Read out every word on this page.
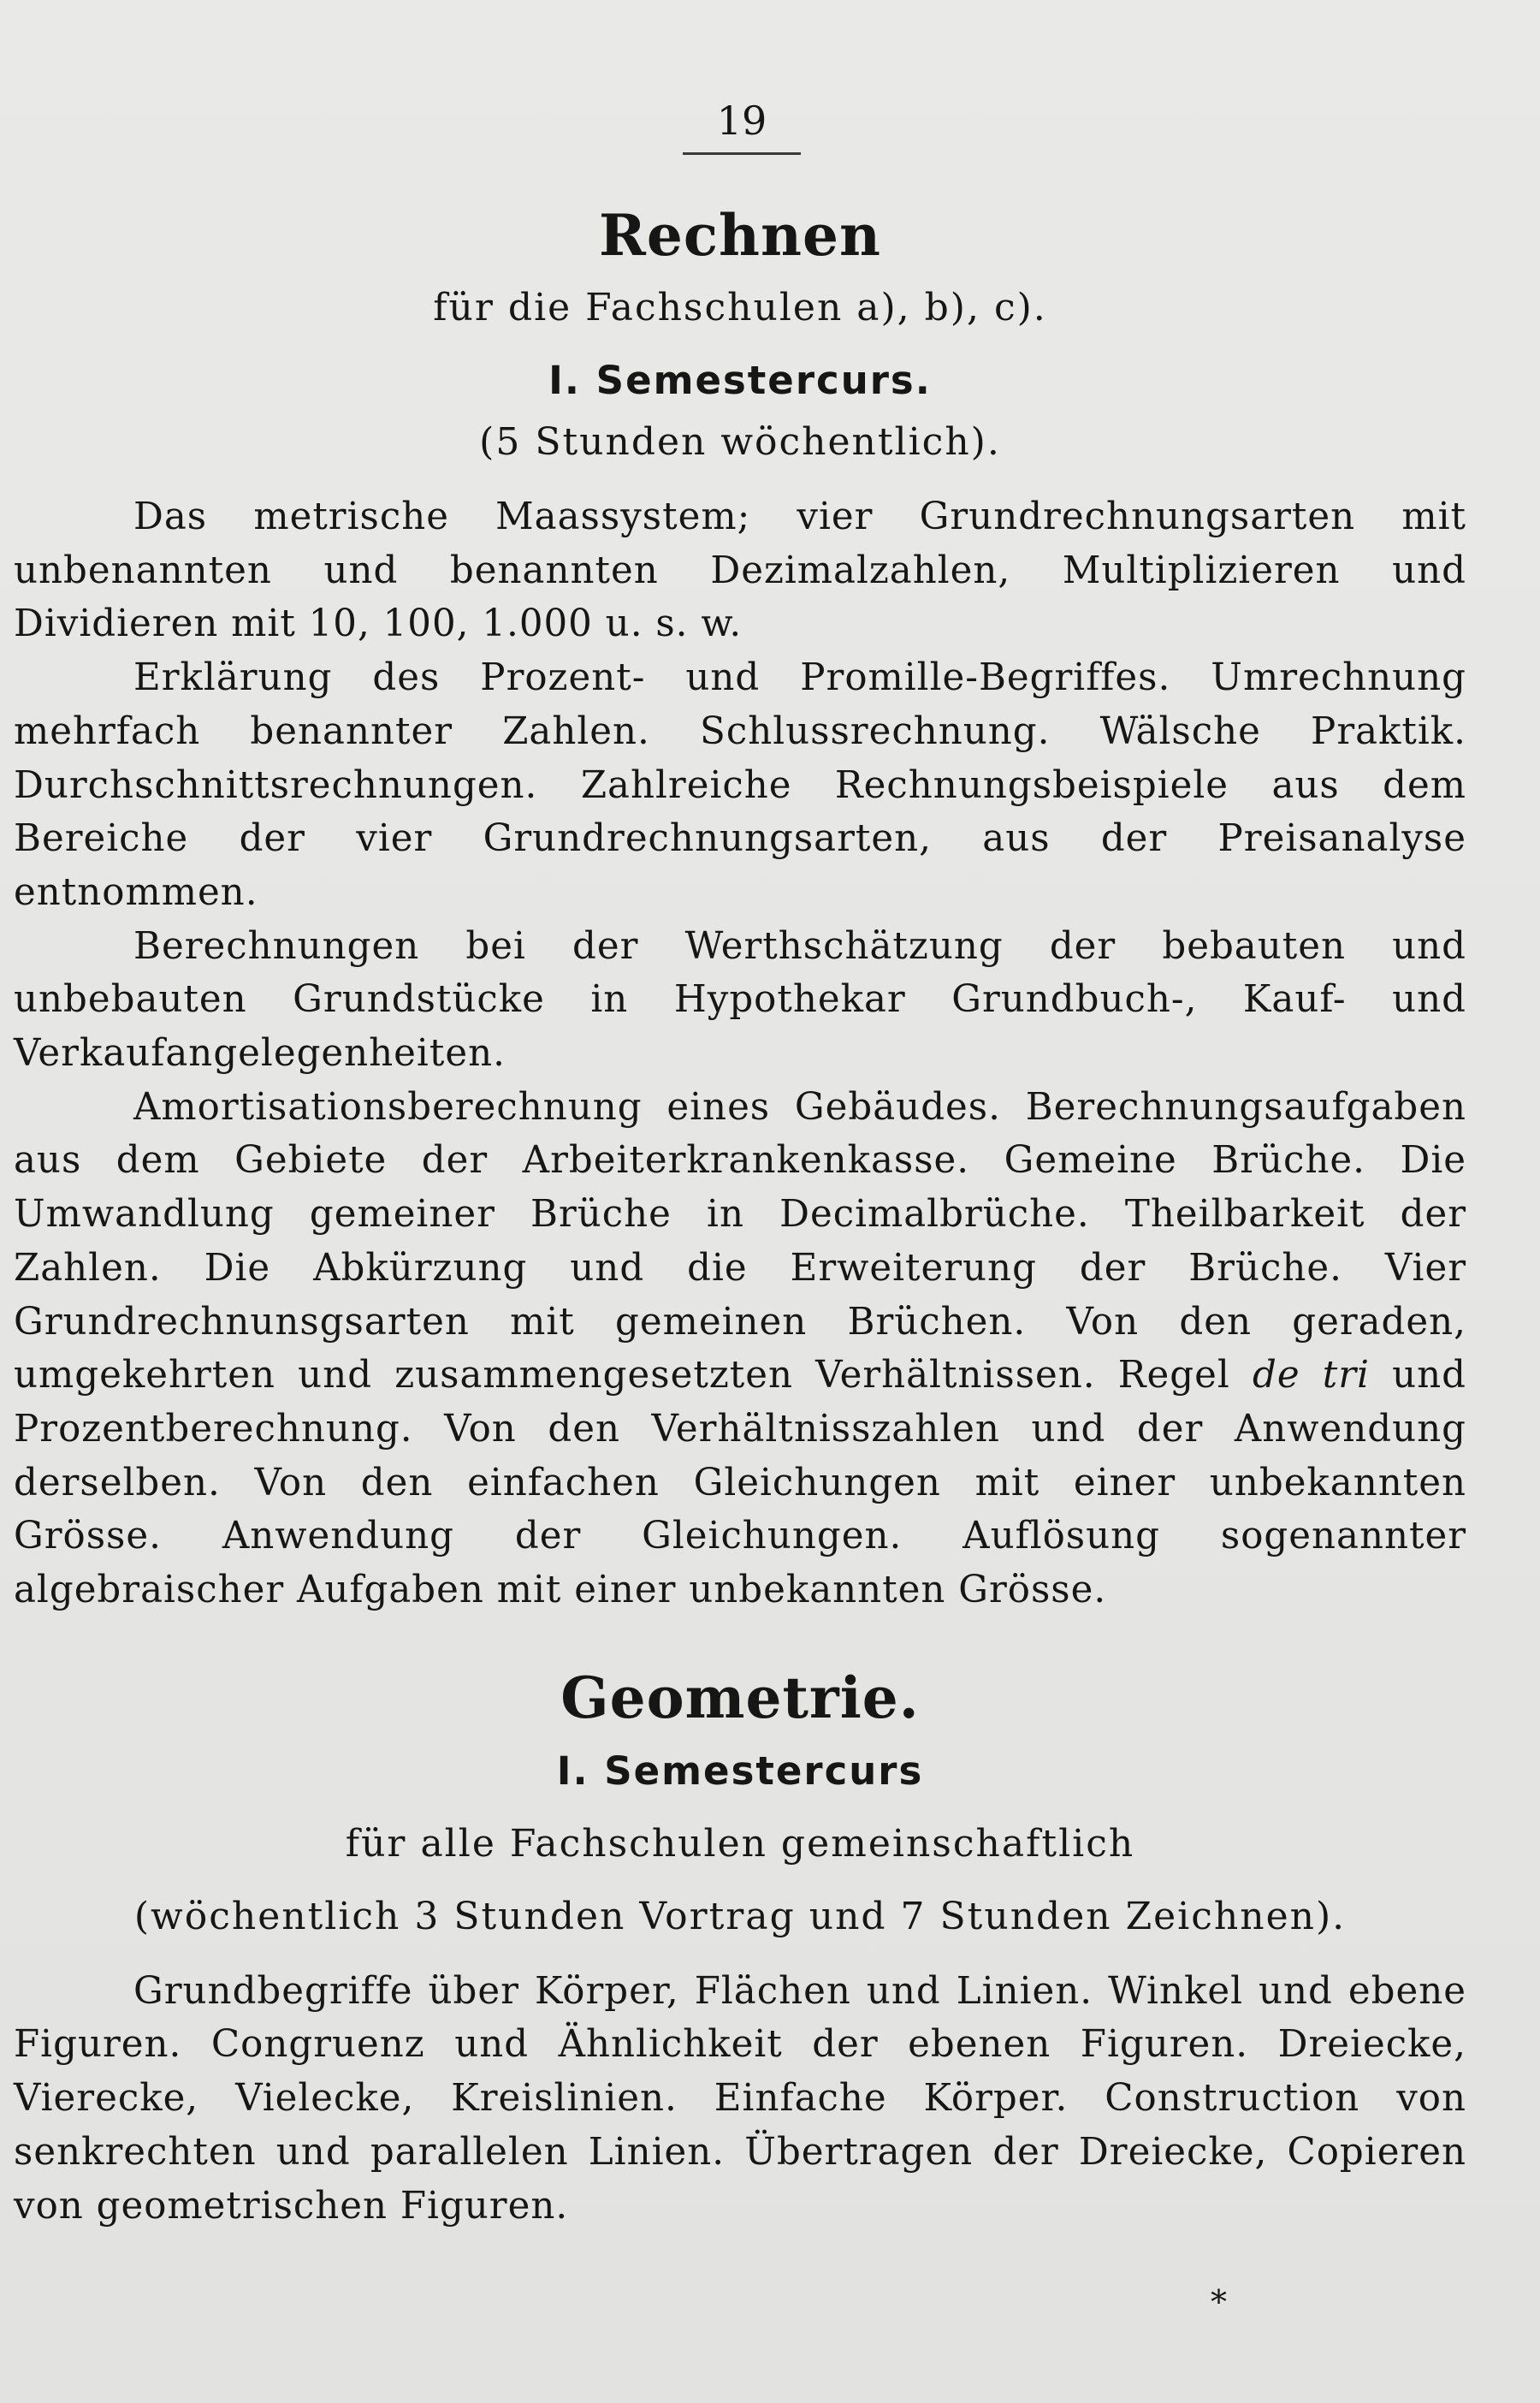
19
Rechnen
für die Fachschulen a), b), c).
I. Semestercurs.
(5 Stunden wöchentlich).

Das metrische Maassystem; vier Grundrechnungsarten mit unbenannten und benannten Dezimalzahlen, Multiplizieren und Dividieren mit 10, 100, 1.000 u. s. w.

Erklärung des Prozent- und Promille-Begriffes. Umrechnung mehrfach benannter Zahlen. Schlussrechnung. Wälsche Praktik. Durchschnittsrechnungen. Zahlreiche Rechnungsbeispiele aus dem Bereiche der vier Grundrechnungsarten, aus der Preisanalyse entnommen.

Berechnungen bei der Werthschätzung der bebauten und unbebauten Grundstücke in Hypothekar Grundbuch-, Kauf- und Verkaufangelegenheiten.

Amortisationsberechnung eines Gebäudes. Berechnungsaufgaben aus dem Gebiete der Arbeiterkrankenkasse. Gemeine Brüche. Die Umwandlung gemeiner Brüche in Decimalbrüche. Theilbarkeit der Zahlen. Die Abkürzung und die Erweiterung der Brüche. Vier Grundrechnunsgsarten mit gemeinen Brüchen. Von den geraden, umgekehrten und zusammengesetzten Verhältnissen. Regel de tri und Prozentberechnung. Von den Verhältnisszahlen und der Anwendung derselben. Von den einfachen Gleichungen mit einer unbekannten Grösse. Anwendung der Gleichungen. Auflösung sogenannter algebraischer Aufgaben mit einer unbekannten Grösse.

Geometrie.
I. Semestercurs
für alle Fachschulen gemeinschaftlich
(wöchentlich 3 Stunden Vortrag und 7 Stunden Zeichnen).

Grundbegriffe über Körper, Flächen und Linien. Winkel und ebene Figuren. Congruenz und Ähnlichkeit der ebenen Figuren. Dreiecke, Vierecke, Vielecke, Kreislinien. Einfache Körper. Construction von senkrechten und parallelen Linien. Übertragen der Dreiecke, Copieren von geometrischen Figuren.

*
